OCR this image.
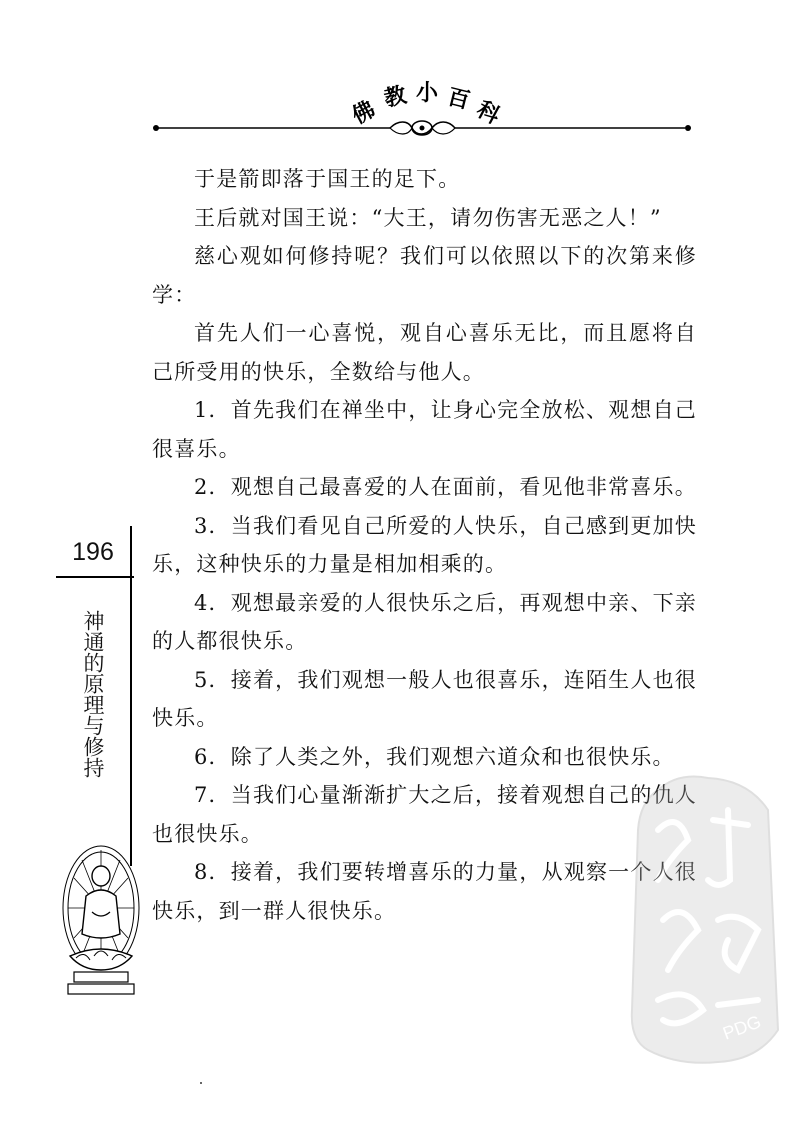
佛 教 小 百 科

于是箭即落于国王的足下。

王后就对国王说：“大王，请勿伤害无恶之人！”

慈心观如何修持呢？我们可以依照以下的次第来修学：

首先人们一心喜悦，观自心喜乐无比，而且愿将自己所受用的快乐，全数给与他人。

1．首先我们在禅坐中，让身心完全放松、观想自己很喜乐。

2．观想自己最喜爱的人在面前，看见他非常喜乐。

3．当我们看见自己所爱的人快乐，自己感到更加快乐，这种快乐的力量是相加相乘的。

4．观想最亲爱的人很快乐之后，再观想中亲、下亲的人都很快乐。

5．接着，我们观想一般人也很喜乐，连陌生人也很快乐。

6．除了人类之外，我们观想六道众和也很快乐。

7．当我们心量渐渐扩大之后，接着观想自己的仇人也很快乐。

8．接着，我们要转增喜乐的力量，从观察一个人很快乐，到一群人很快乐。

196
神通的原理与修持
PDG
